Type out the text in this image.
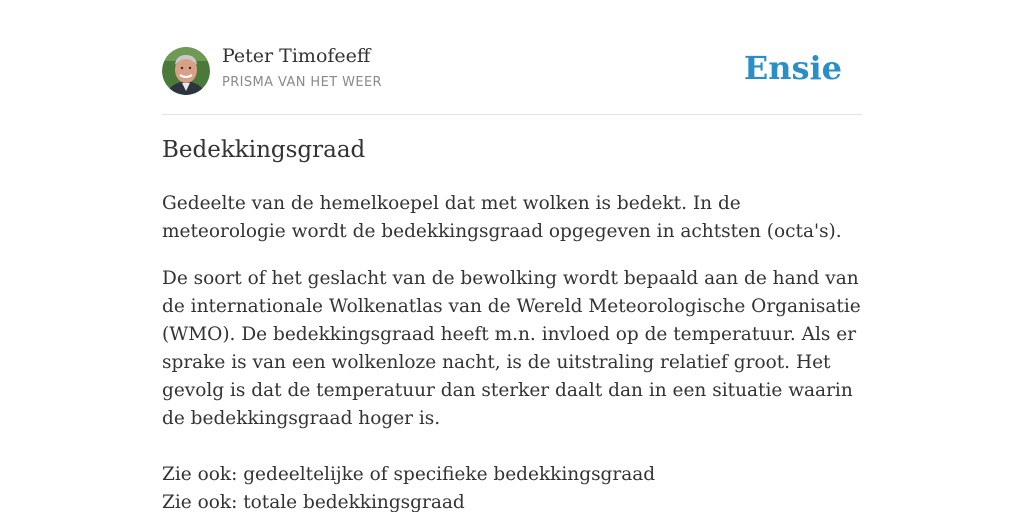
Peter Timofeeff
PRISMA VAN HET WEER	Ensie
Bedekkingsgraad

Gedeelte van de hemelkoepel dat met wolken is bedekt. In de meteorologie wordt de bedekkingsgraad opgegeven in achtsten (octa's).

De soort of het geslacht van de bewolking wordt bepaald aan de hand van de internationale Wolkenatlas van de Wereld Meteorologische Organisatie (WMO). De bedekkingsgraad heeft m.n. invloed op de temperatuur. Als er sprake is van een wolkenloze nacht, is de uitstraling relatief groot. Het gevolg is dat de temperatuur dan sterker daalt dan in een situatie waarin de bedekkingsgraad hoger is.

Zie ook: gedeeltelijke of specifieke bedekkingsgraad
Zie ook: totale bedekkingsgraad
